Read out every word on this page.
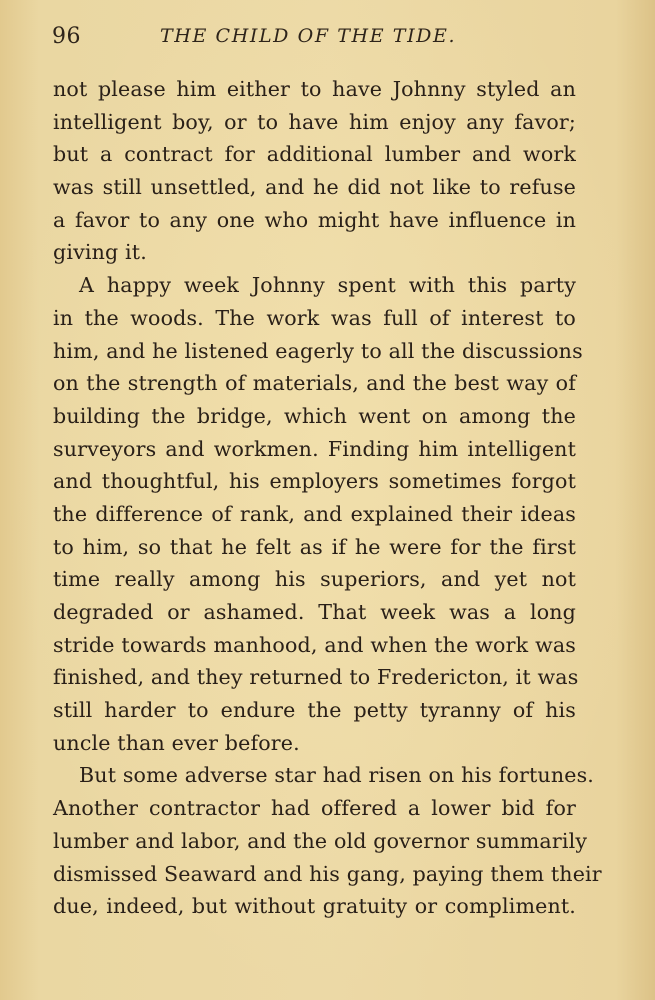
96	THE CHILD OF THE TIDE.
not please him either to have Johnny styled an
intelligent boy, or to have him enjoy any favor;
but a contract for additional lumber and work
was still unsettled, and he did not like to refuse
a favor to any one who might have influence in
giving it.
A happy week Johnny spent with this party
in the woods. The work was full of interest to
him, and he listened eagerly to all the discussions
on the strength of materials, and the best way of
building the bridge, which went on among the
surveyors and workmen. Finding him intelligent
and thoughtful, his employers sometimes forgot
the difference of rank, and explained their ideas
to him, so that he felt as if he were for the first
time really among his superiors, and yet not
degraded or ashamed. That week was a long
stride towards manhood, and when the work was
finished, and they returned to Fredericton, it was
still harder to endure the petty tyranny of his
uncle than ever before.
But some adverse star had risen on his fortunes.
Another contractor had offered a lower bid for
lumber and labor, and the old governor summarily
dismissed Seaward and his gang, paying them their
due, indeed, but without gratuity or compliment.
